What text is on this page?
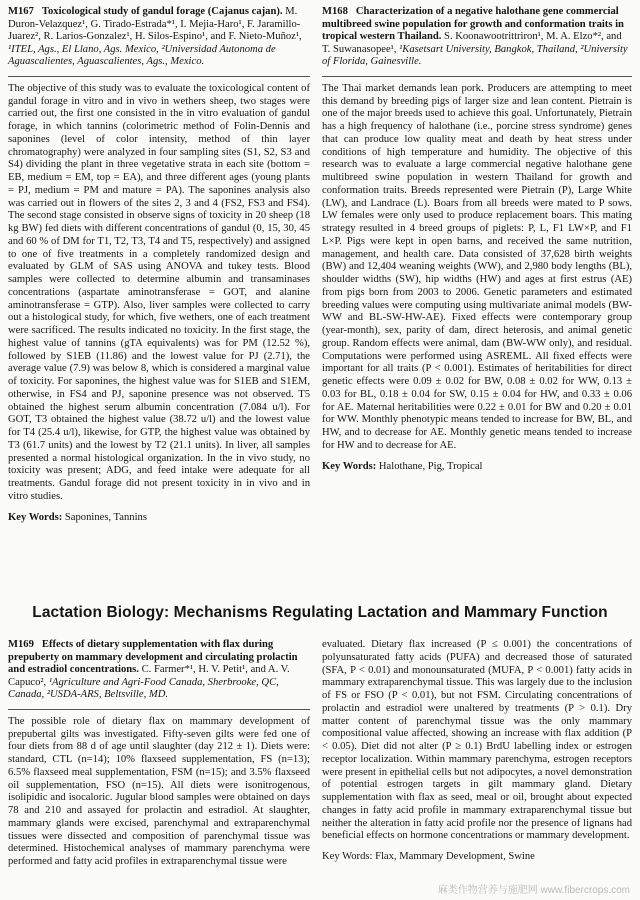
M167 Toxicological study of gandul forage (Cajanus cajan). M. Duron-Velazquez¹, G. Tirado-Estrada*¹, I. Mejia-Haro¹, F. Jaramillo-Juarez², R. Larios-Gonzalez¹, H. Silos-Espino¹, and F. Nieto-Muñoz¹, ¹ITEL, Ags., El Llano, Ags. Mexico, ²Universidad Autonoma de Aguascalientes, Aguascalientes, Ags., Mexico.

The objective of this study was to evaluate the toxicological content of gandul forage in vitro and in vivo in wethers sheep, two stages were carried out, the first one consisted in the in vitro evaluation of gandul forage, in which tannins (colorimetric method of Folin-Dennis and saponines (level of color intensity, method of thin layer chromatography) were analyzed in four sampling sites (S1, S2, S3 and S4) dividing the plant in three vegetative strata in each site (bottom = EB, medium = EM, top = EA), and three different ages (young plants = PJ, medium = PM and mature = PA). The saponines analysis also was carried out in flowers of the sites 2, 3 and 4 (FS2, FS3 and FS4). The second stage consisted in observe signs of toxicity in 20 sheep (18 kg BW) fed diets with different concentrations of gandul (0, 15, 30, 45 and 60 % of DM for T1, T2, T3, T4 and T5, respectively) and assigned to one of five treatments in a completely randomized design and evaluated by GLM of SAS using ANOVA and tukey tests. Blood samples were collected to determine albumin and transaminases concentrations (aspartate aminotransferase = GOT, and alanine aminotransferase = GTP). Also, liver samples were collected to carry out a histological study, for which, five wethers, one of each treatment were sacrificed. The results indicated no toxicity. In the first stage, the highest value of tannins (gTA equivalents) was for PM (12.52 %), followed by S1EB (11.86) and the lowest value for PJ (2.71), the average value (7.9) was below 8, which is considered a marginal value of toxicity. For saponines, the highest value was for S1EB and S1EM, otherwise, in FS4 and PJ, saponine presence was not observed. T5 obtained the highest serum albumin concentration (7.084 u/l). For GOT, T3 obtained the highest value (38.72 u/l) and the lowest value for T4 (25.4 u/l), likewise, for GTP, the highest value was obtained by T3 (61.7 units) and the lowest by T2 (21.1 units). In liver, all samples presented a normal histological organization. In the in vivo study, no toxicity was present; ADG, and feed intake were adequate for all treatments. Gandul forage did not present toxicity in in vivo and in vitro studies.

Key Words: Saponines, Tannins

M168 Characterization of a negative halothane gene commercial multibreed swine population for growth and conformation traits in tropical western Thailand. S. Koonawootrittriron¹, M. A. Elzo*², and T. Suwanasopee¹, ¹Kasetsart University, Bangkok, Thailand, ²University of Florida, Gainesville.

The Thai market demands lean pork. Producers are attempting to meet this demand by breeding pigs of larger size and lean content. Pietrain is one of the major breeds used to achieve this goal. Unfortunately, Pietrain has a high frequency of halothane (i.e., porcine stress syndrome) genes that can produce low quality meat and death by heat stress under conditions of high temperature and humidity. The objective of this research was to evaluate a large commercial negative halothane gene multibreed swine population in western Thailand for growth and conformation traits. Breeds represented were Pietrain (P), Large White (LW), and Landrace (L). Boars from all breeds were mated to P sows. LW females were only used to produce replacement boars. This mating strategy resulted in 4 breed groups of piglets: P, L, F1 LW×P, and F1 L×P. Pigs were kept in open barns, and received the same nutrition, management, and health care. Data consisted of 37,628 birth weights (BW) and 12,404 weaning weights (WW), and 2,980 body lengths (BL), shoulder widths (SW), hip widths (HW) and ages at first estrus (AE) from pigs born from 2003 to 2006. Genetic parameters and estimated breeding values were computing using multivariate animal models (BW-WW and BL-SW-HW-AE). Fixed effects were contemporary group (year-month), sex, parity of dam, direct heterosis, and animal genetic group. Random effects were animal, dam (BW-WW only), and residual. Computations were performed using ASREML. All fixed effects were important for all traits (P < 0.001). Estimates of heritabilities for direct genetic effects were 0.09 ± 0.02 for BW, 0.08 ± 0.02 for WW, 0.13 ± 0.03 for BL, 0.18 ± 0.04 for SW, 0.15 ± 0.04 for HW, and 0.33 ± 0.06 for AE. Maternal heritabilities were 0.22 ± 0.01 for BW and 0.20 ± 0.01 for WW. Monthly phenotypic means tended to increase for BW, BL, and HW, and to decrease for AE. Monthly genetic means tended to increase for HW and to decrease for AE.

Key Words: Halothane, Pig, Tropical
Lactation Biology: Mechanisms Regulating Lactation and Mammary Function

M169 Effects of dietary supplementation with flax during prepuberty on mammary development and circulating prolactin and estradiol concentrations. C. Farmer*¹, H. V. Petit¹, and A. V. Capuco², ¹Agriculture and Agri-Food Canada, Sherbrooke, QC, Canada, ²USDA-ARS, Beltsville, MD.

The possible role of dietary flax on mammary development of prepubertal gilts was investigated. Fifty-seven gilts were fed one of four diets from 88 d of age until slaughter (day 212 ± 1). Diets were: standard, CTL (n=14); 10% flaxseed supplementation, FS (n=13); 6.5% flaxseed meal supplementation, FSM (n=15); and 3.5% flaxseed oil supplementation, FSO (n=15). All diets were isonitrogenous, isolipidic and isocaloric. Jugular blood samples were obtained on days 78 and 210 and assayed for prolactin and estradiol. At slaughter, mammary glands were excised, parenchymal and extraparenchymal tissues were dissected and composition of parenchymal tissue was determined. Histochemical analyses of mammary parenchyma were performed and fatty acid profiles in extraparenchymal tissue were

evaluated. Dietary flax increased (P ≤ 0.001) the concentrations of polyunsaturated fatty acids (PUFA) and decreased those of saturated (SFA, P < 0.01) and monounsaturated (MUFA, P < 0.001) fatty acids in mammary extraparenchymal tissue. This was largely due to the inclusion of FS or FSO (P < 0.01), but not FSM. Circulating concentrations of prolactin and estradiol were unaltered by treatments (P > 0.1). Dry matter content of parenchymal tissue was the only mammary compositional value affected, showing an increase with flax addition (P < 0.05). Diet did not alter (P ≥ 0.1) BrdU labelling index or estrogen receptor localization. Within mammary parenchyma, estrogen receptors were present in epithelial cells but not adipocytes, a novel demonstration of potential estrogen targets in gilt mammary gland. Dietary supplementation with flax as seed, meal or oil, brought about expected changes in fatty acid profile in mammary extraparenchymal tissue but neither the alteration in fatty acid profile nor the presence of lignans had beneficial effects on hormone concentrations or mammary development.

Key Words: Flax, Mammary Development, Swine
麻类作物营养与施肥网 www.fibercrops.com
